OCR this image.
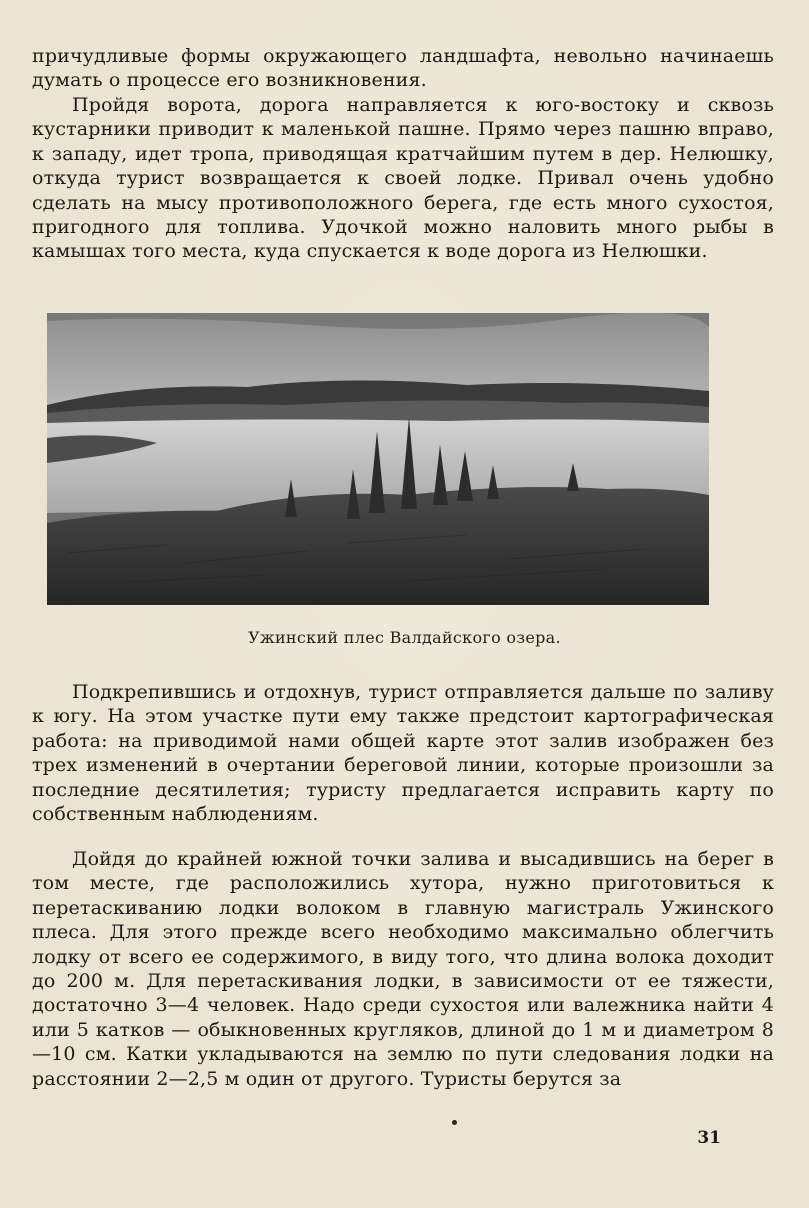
причудливые формы окружающего ландшафта, невольно начинаешь думать о процессе его возникновения.

Пройдя ворота, дорога направляется к юго-востоку и сквозь кустарники приводит к маленькой пашне. Прямо через пашню вправо, к западу, идет тропа, приводящая кратчайшим путем в дер. Нелюшку, откуда турист возвращается к своей лодке. Привал очень удобно сделать на мысу противоположного берега, где есть много сухостоя, пригодного для топлива. Удочкой можно наловить много рыбы в камышах того места, куда спускается к воде дорога из Нелюшки.

Ужинский плес Валдайского озера.

Подкрепившись и отдохнув, турист отправляется дальше по заливу к югу. На этом участке пути ему также предстоит картографическая работа: на приводимой нами общей карте этот залив изображен без трех изменений в очертании береговой линии, которые произошли за последние десятилетия; туристу предлагается исправить карту по собственным наблюдениям.

Дойдя до крайней южной точки залива и высадившись на берег в том месте, где расположились хутора, нужно приготовиться к перетаскиванию лодки волоком в главную магистраль Ужинского плеса. Для этого прежде всего необходимо максимально облегчить лодку от всего ее содержимого, в виду того, что длина волока доходит до 200 м. Для перетаскивания лодки, в зависимости от ее тяжести, достаточно 3—4 человек. Надо среди сухостоя или валежника найти 4 или 5 катков — обыкновенных кругляков, длиной до 1 м и диаметром 8—10 см. Катки укладываются на землю по пути следования лодки на расстоянии 2—2,5 м один от другого. Туристы берутся за

31
